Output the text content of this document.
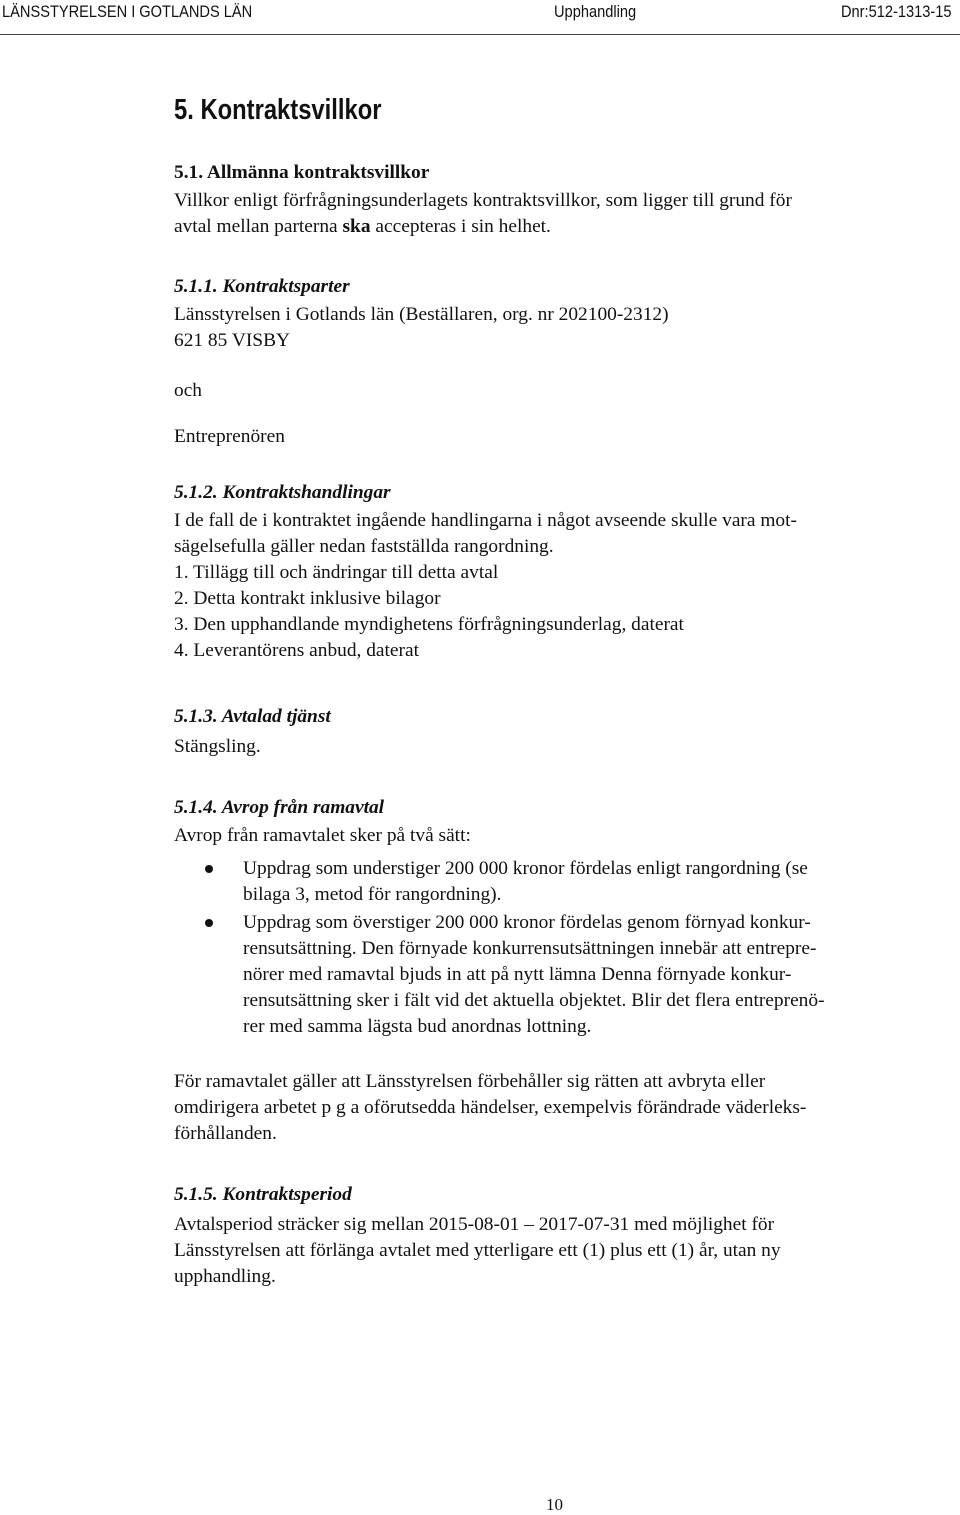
LÄNSSTYRELSEN I GOTLANDS LÄN	Upphandling	Dnr:512-1313-15
5. Kontraktsvillkor

5.1. Allmänna kontraktsvillkor

Villkor enligt förfrågningsunderlagets kontraktsvillkor, som ligger till grund för

avtal mellan parterna ska accepteras i sin helhet.

5.1.1. Kontraktsparter

Länsstyrelsen i Gotlands län (Beställaren, org. nr 202100-2312)

621 85 VISBY

och

Entreprenören

5.1.2. Kontraktshandlingar

I de fall de i kontraktet ingående handlingarna i något avseende skulle vara mot-

sägelsefulla gäller nedan fastställda rangordning.

1. Tillägg till och ändringar till detta avtal

2. Detta kontrakt inklusive bilagor

3. Den upphandlande myndighetens förfrågningsunderlag, daterat

4. Leverantörens anbud, daterat

5.1.3. Avtalad tjänst

Stängsling.

5.1.4. Avrop från ramavtal

Avrop från ramavtalet sker på två sätt:

Uppdrag som understiger 200 000 kronor fördelas enligt rangordning (se

bilaga 3, metod för rangordning).

Uppdrag som överstiger 200 000 kronor fördelas genom förnyad konkur-

rensutsättning. Den förnyade konkurrensutsättningen innebär att entrepre-

nörer med ramavtal bjuds in att på nytt lämna Denna förnyade konkur-

rensutsättning sker i fält vid det aktuella objektet. Blir det flera entreprenö-

rer med samma lägsta bud anordnas lottning.

För ramavtalet gäller att Länsstyrelsen förbehåller sig rätten att avbryta eller

omdirigera arbetet p g a oförutsedda händelser, exempelvis förändrade väderleks-

förhållanden.

5.1.5. Kontraktsperiod

Avtalsperiod sträcker sig mellan 2015-08-01 – 2017-07-31 med möjlighet för

Länsstyrelsen att förlänga avtalet med ytterligare ett (1) plus ett (1) år, utan ny

upphandling.

10
